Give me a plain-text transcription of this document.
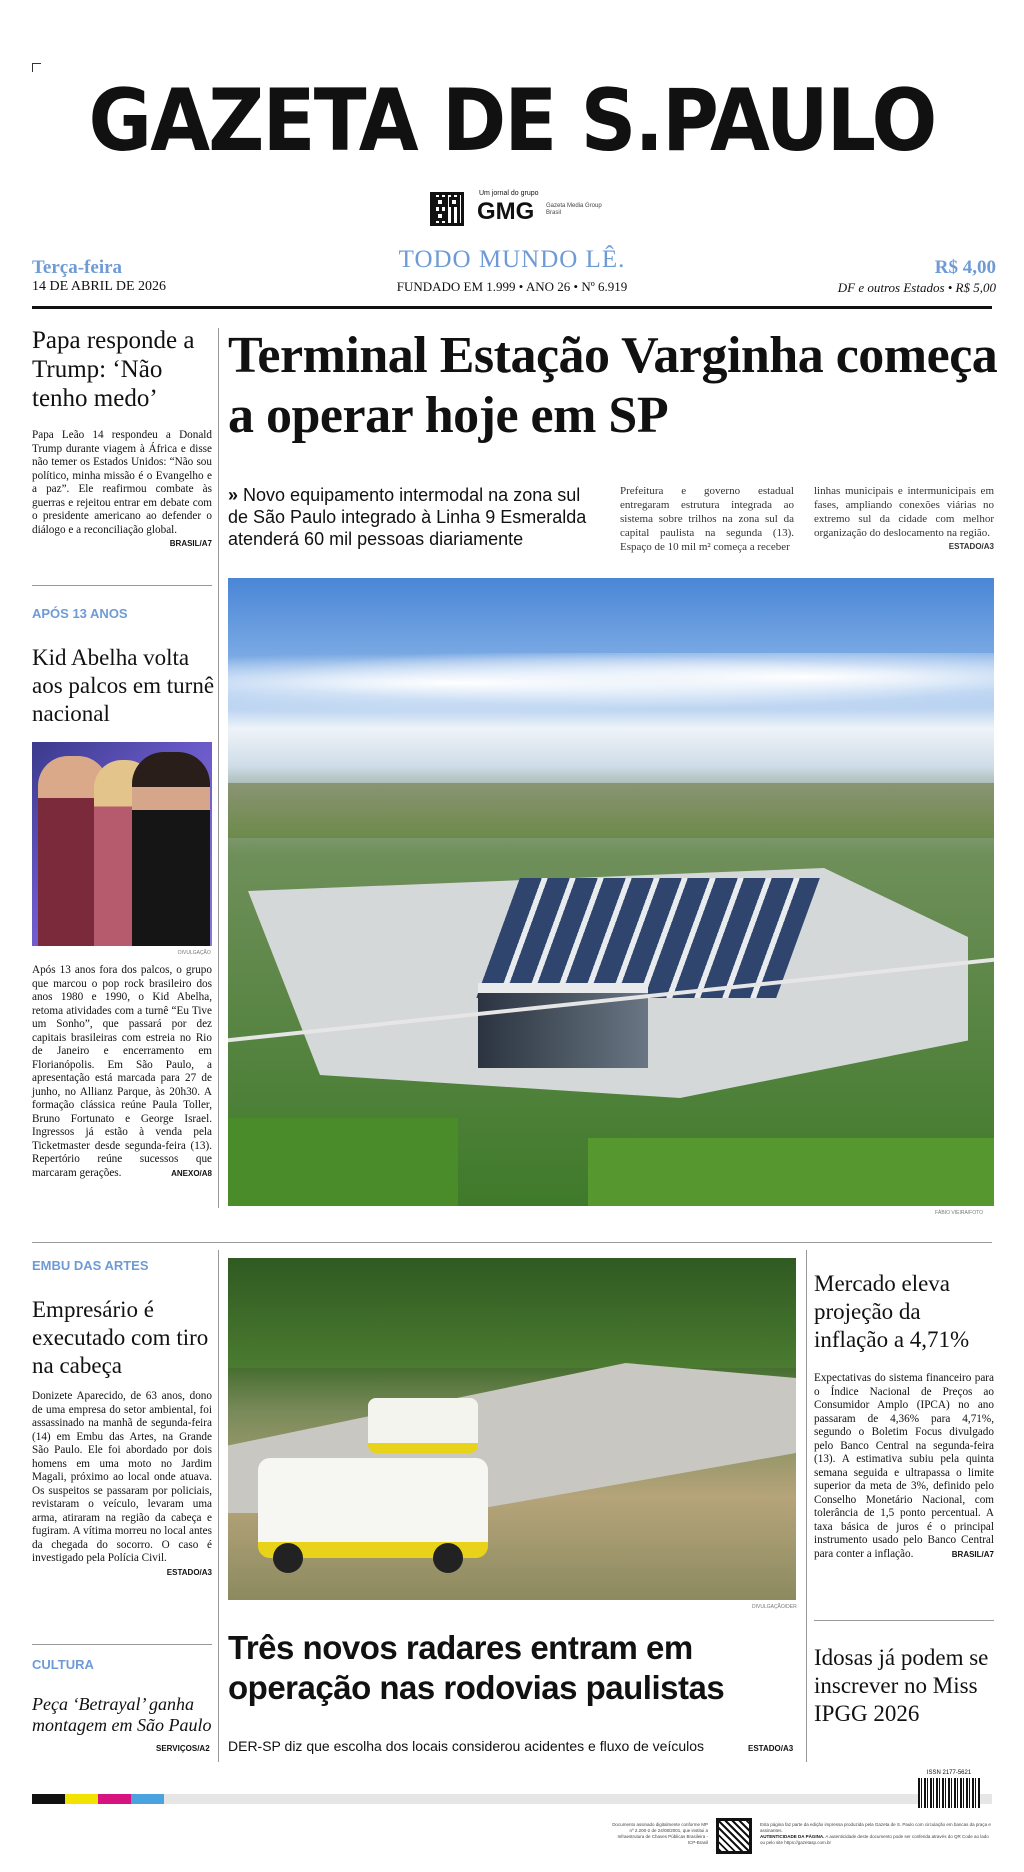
GAZETA DE S.PAULO
Um jornal do grupo
GMG Gazeta Media Group Brasil
Terça-feira
14 DE ABRIL DE 2026
TODO MUNDO LÊ.
FUNDADO EM 1.999 • ANO 26 • Nº 6.919
R$ 4,00
DF e outros Estados • R$ 5,00
Papa responde a Trump: ‘Não tenho medo’
Papa Leão 14 respondeu a Donald Trump durante viagem à África e disse não temer os Estados Unidos: “Não sou político, minha missão é o Evangelho e a paz”. Ele reafirmou combate às guerras e rejeitou entrar em debate com o presidente americano ao defender o diálogo e a reconciliação global.
BRASIL/A7
Terminal Estação Varginha começa a operar hoje em SP
» Novo equipamento intermodal na zona sul de São Paulo integrado à Linha 9 Esmeralda atenderá 60 mil pessoas diariamente
Prefeitura e governo estadual entregaram estrutura integrada ao sistema sobre trilhos na zona sul da capital paulista na segunda (13). Espaço de 10 mil m² começa a receber
linhas municipais e intermunicipais em fases, ampliando conexões viárias no extremo sul da cidade com melhor organização do deslocamento na região.
ESTADO/A3
FÁBIO VIEIRA/FOTO
APÓS 13 ANOS
Kid Abelha volta aos palcos em turnê nacional
DIVULGAÇÃO
Após 13 anos fora dos palcos, o grupo que marcou o pop rock brasileiro dos anos 1980 e 1990, o Kid Abelha, retoma atividades com a turnê “Eu Tive um Sonho”, que passará por dez capitais brasileiras com estreia no Rio de Janeiro e encerramento em Florianópolis. Em São Paulo, a apresentação está marcada para 27 de junho, no Allianz Parque, às 20h30. A formação clássica reúne Paula Toller, Bruno Fortunato e George Israel. Ingressos já estão à venda pela Ticketmaster desde segunda-feira (13). Repertório reúne sucessos que marcaram gerações.	ANEXO/A8
EMBU DAS ARTES
Empresário é executado com tiro na cabeça
Donizete Aparecido, de 63 anos, dono de uma empresa do setor ambiental, foi assassinado na manhã de segunda-feira (14) em Embu das Artes, na Grande São Paulo. Ele foi abordado por dois homens em uma moto no Jardim Magali, próximo ao local onde atuava. Os suspeitos se passaram por policiais, revistaram o veículo, levaram uma arma, atiraram na região da cabeça e fugiram. A vítima morreu no local antes da chegada do socorro. O caso é investigado pela Polícia Civil.
ESTADO/A3
DIVULGAÇÃO/DER
Três novos radares entram em operação nas rodovias paulistas
DER-SP diz que escolha dos locais considerou acidentes e fluxo de veículos	ESTADO/A3
Mercado eleva projeção da inflação a 4,71%
Expectativas do sistema financeiro para o Índice Nacional de Preços ao Consumidor Amplo (IPCA) no ano passaram de 4,36% para 4,71%, segundo o Boletim Focus divulgado pelo Banco Central na segunda-feira (13). A estimativa subiu pela quinta semana seguida e ultrapassa o limite superior da meta de 3%, definido pelo Conselho Monetário Nacional, com tolerância de 1,5 ponto percentual. A taxa básica de juros é o principal instrumento usado pelo Banco Central para conter a inflação.	BRASIL/A7
CULTURA
Peça ‘Betrayal’ ganha montagem em São Paulo
SERVIÇOS/A2
Idosas já podem se inscrever no Miss IPGG 2026
ISSN 2177-5621
Documento assinado digitalmente conforme MP nº 2.200-2 de 24/08/2001, que institui a Infraestrutura de Chaves Públicas Brasileira - ICP-Brasil
Esta página faz parte da edição impressa produzida pela Gazeta de S. Paulo com circulação em bancas da praça e assinantes.
AUTENTICIDADE DA PÁGINA. A autenticidade deste documento pode ser conferida através do QR Code ao lado ou pelo site https://gazetasp.com.br
